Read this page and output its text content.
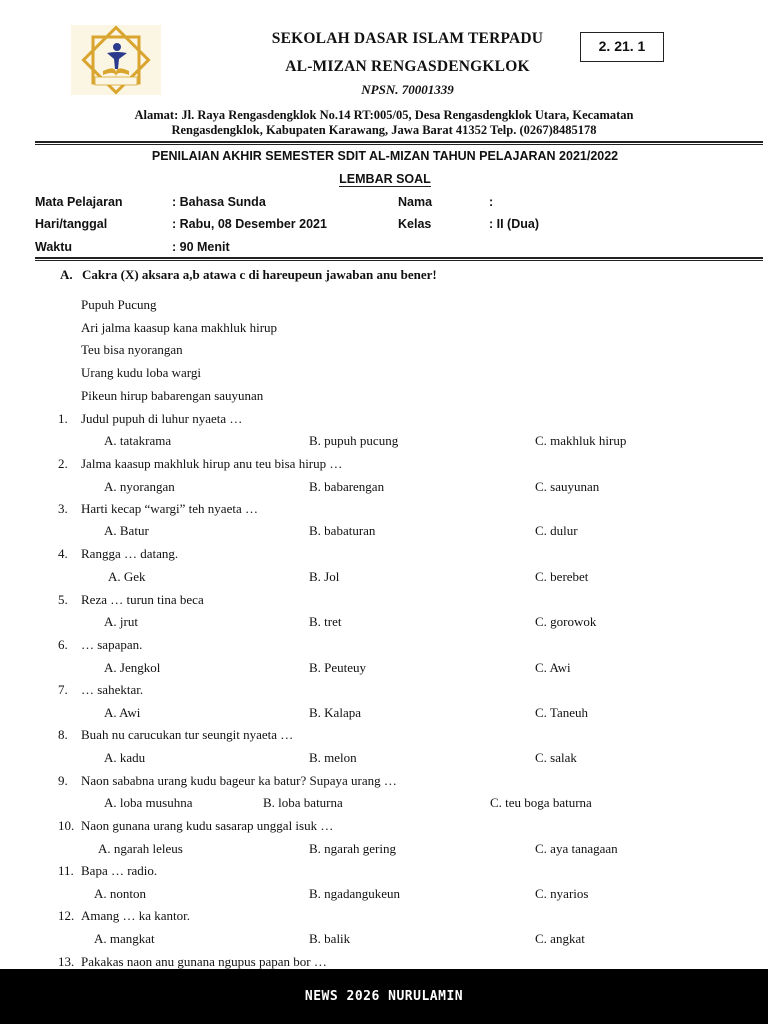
SEKOLAH DASAR ISLAM TERPADU
AL-MIZAN RENGASDENGKLOK
NPSN. 70001339
2. 21. 1
Alamat: Jl. Raya Rengasdengklok No.14 RT:005/05, Desa Rengasdengklok Utara, Kecamatan
Rengasdengklok, Kabupaten Karawang, Jawa Barat 41352 Telp. (0267)8485178
PENILAIAN AKHIR SEMESTER SDIT AL-MIZAN TAHUN PELAJARAN 2021/2022
LEMBAR SOAL
Mata Pelajaran	: Bahasa Sunda	Nama	:
Hari/tanggal	: Rabu, 08 Desember 2021	Kelas	: II (Dua)
Waktu	: 90 Menit
A. Cakra (X) aksara a,b atawa c di hareupeun jawaban anu bener!
Pupuh Pucung
Ari jalma kaasup kana makhluk hirup
Teu bisa nyorangan
Urang kudu loba wargi
Pikeun hirup babarengan sauyunan
1. Judul pupuh di luhur nyaeta …
A. tatakrama	B. pupuh pucung	C. makhluk hirup
2. Jalma kaasup makhluk hirup anu teu bisa hirup …
A. nyorangan	B. babarengan	C. sauyunan
3. Harti kecap “wargi” teh nyaeta …
A. Batur	B. babaturan	C. dulur
4. Rangga … datang.
A. Gek	B. Jol	C. berebet
5. Reza … turun tina beca
A. jrut	B. tret	C. gorowok
6. … sapapan.
A. Jengkol	B. Peuteuy	C. Awi
7. … sahektar.
A. Awi	B. Kalapa	C. Taneuh
8. Buah nu carucukan tur seungit nyaeta …
A. kadu	B. melon	C. salak
9. Naon sababna urang kudu bageur ka batur? Supaya urang …
A. loba musuhna	B. loba baturna	C. teu boga baturna
10. Naon gunana urang kudu sasarap unggal isuk …
A. ngarah leleus	B. ngarah gering	C. aya tanagaan
11. Bapa … radio.
A. nonton	B. ngadangukeun	C. nyarios
12. Amang … ka kantor.
A. mangkat	B. balik	C. angkat
13. Pakakas naon anu gunana ngupus papan bor …
NEWS 2026 NURULAMIN
